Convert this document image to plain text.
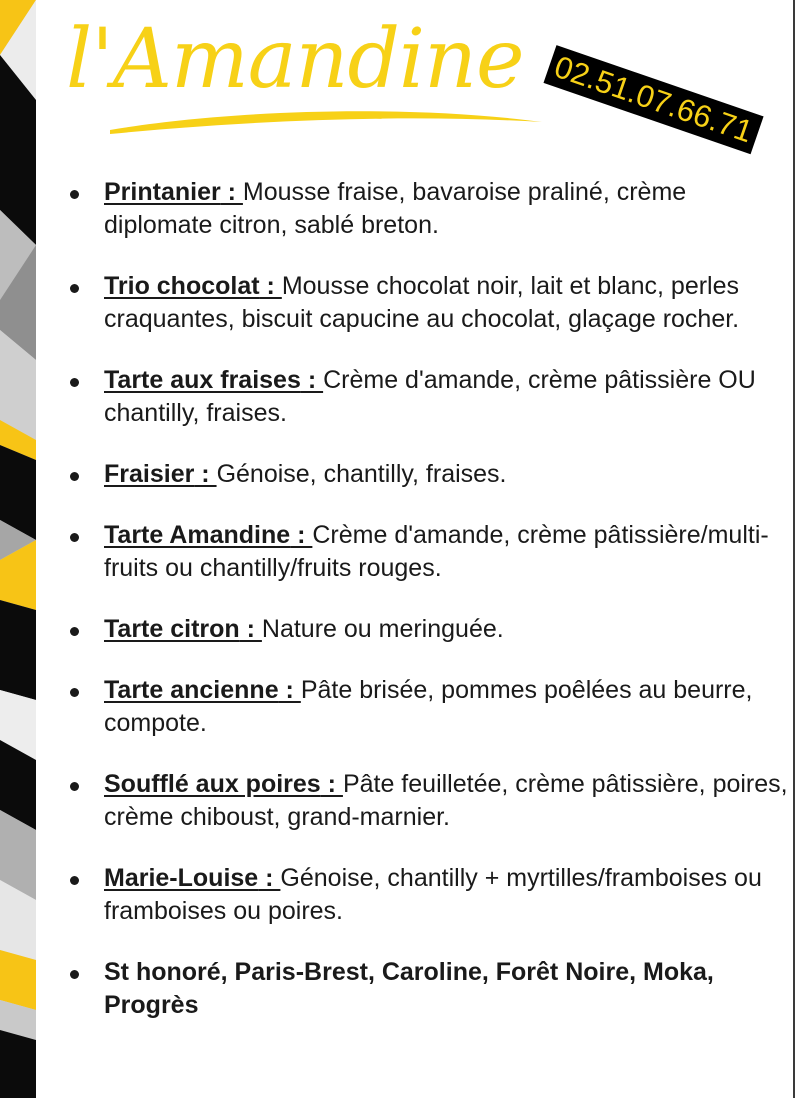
l'Amandine 02.51.07.66.71
Printanier : Mousse fraise, bavaroise praliné, crème diplomate citron, sablé breton.
Trio chocolat : Mousse chocolat noir, lait et blanc, perles craquantes, biscuit capucine au chocolat, glaçage rocher.
Tarte aux fraises : Crème d'amande, crème pâtissière OU chantilly, fraises.
Fraisier : Génoise, chantilly, fraises.
Tarte Amandine : Crème d'amande, crème pâtissière/multi-fruits ou chantilly/fruits rouges.
Tarte citron : Nature ou meringuée.
Tarte ancienne : Pâte brisée, pommes poêlées au beurre, compote.
Soufflé aux poires : Pâte feuilletée, crème pâtissière, poires, crème chiboust, grand-marnier.
Marie-Louise : Génoise, chantilly + myrtilles/framboises ou framboises ou poires.
St honoré, Paris-Brest, Caroline, Forêt Noire, Moka, Progrès
